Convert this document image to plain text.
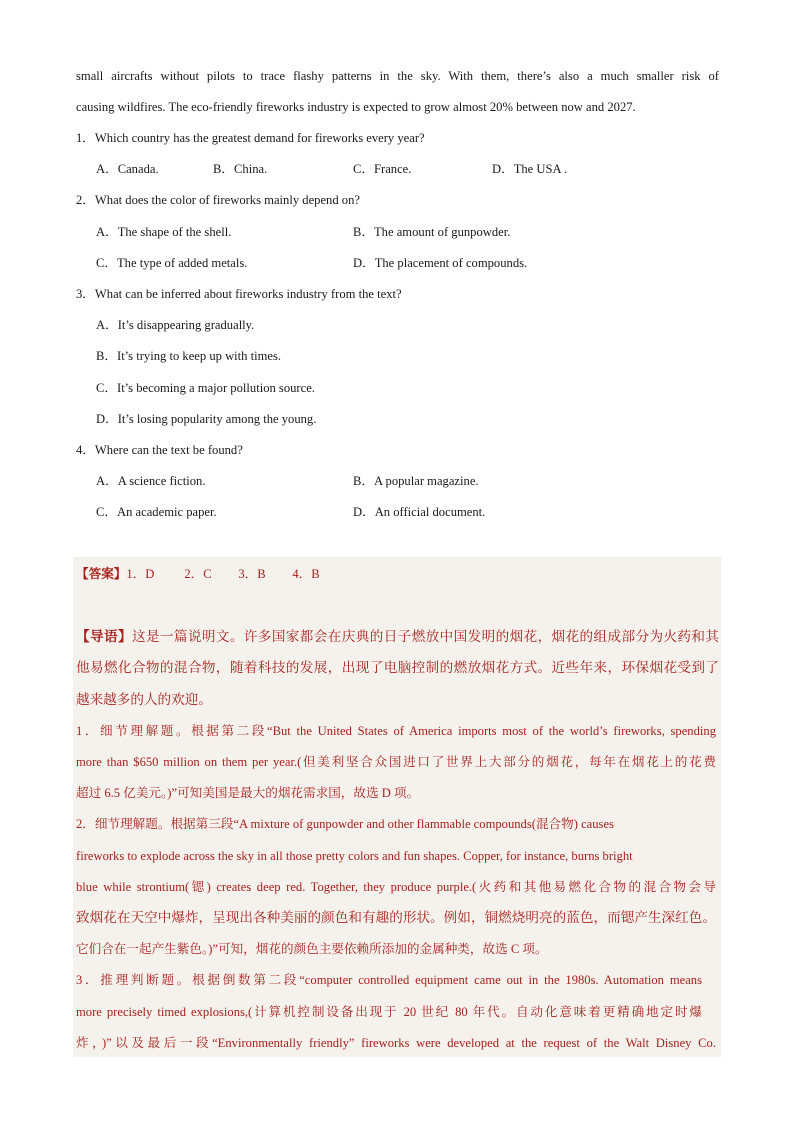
small aircrafts without pilots to trace flashy patterns in the sky. With them, there’s also a much smaller risk of
causing wildfires. The eco-friendly fireworks industry is expected to grow almost 20% between now and 2027.
1．Which country has the greatest demand for fireworks every year?
A．Canada.	B．China.	C．France.	D．The USA .
2．What does the color of fireworks mainly depend on?
A．The shape of the shell.	B．The amount of gunpowder.
C．The type of added metals.	D．The placement of compounds.
3．What can be inferred about fireworks industry from the text?
A．It’s disappearing gradually.
B．It’s trying to keep up with times.
C．It’s becoming a major pollution source.
D．It’s losing popularity among the young.
4．Where can the text be found?
A．A science fiction.	B．A popular magazine.
C．An academic paper.	D．An official document.
【答案】1．D 2．C 3．B 4．B
【导语】这是一篇说明文。许多国家都会在庆典的日子燃放中国发明的烟花，烟花的组成部分为火药和其
他易燃化合物的混合物，随着科技的发展，出现了电脑控制的燃放烟花方式。近些年来，环保烟花受到了
越来越多的人的欢迎。
1．细节理解题。根据第二段“But the United States of America imports most of the world’s fireworks, spending
more than $650 million on them per year.(但美利坚合众国进口了世界上大部分的烟花，每年在烟花上的花费
超过 6.5 亿美元。)”可知美国是最大的烟花需求国，故选 D 项。
2．细节理解题。根据第三段“A mixture of gunpowder and other flammable compounds(混合物) causes
fireworks to explode across the sky in all those pretty colors and fun shapes. Copper, for instance, burns bright
blue while strontium(锶) creates deep red. Together, they produce purple.(火药和其他易燃化合物的混合物会导
致烟花在天空中爆炸，呈现出各种美丽的颜色和有趣的形状。例如，铜燃烧明亮的蓝色，而锶产生深红色。
它们合在一起产生紫色。)”可知，烟花的颜色主要依赖所添加的金属种类，故选 C 项。
3．推理判断题。根据倒数第二段“computer controlled equipment came out in the 1980s. Automation means
more precisely timed explosions,(计算机控制设备出现于 20 世纪 80 年代。自动化意味着更精确地定时爆
炸，)”以及最后一段“Environmentally friendly” fireworks were developed at the request of the Walt Disney Co.
